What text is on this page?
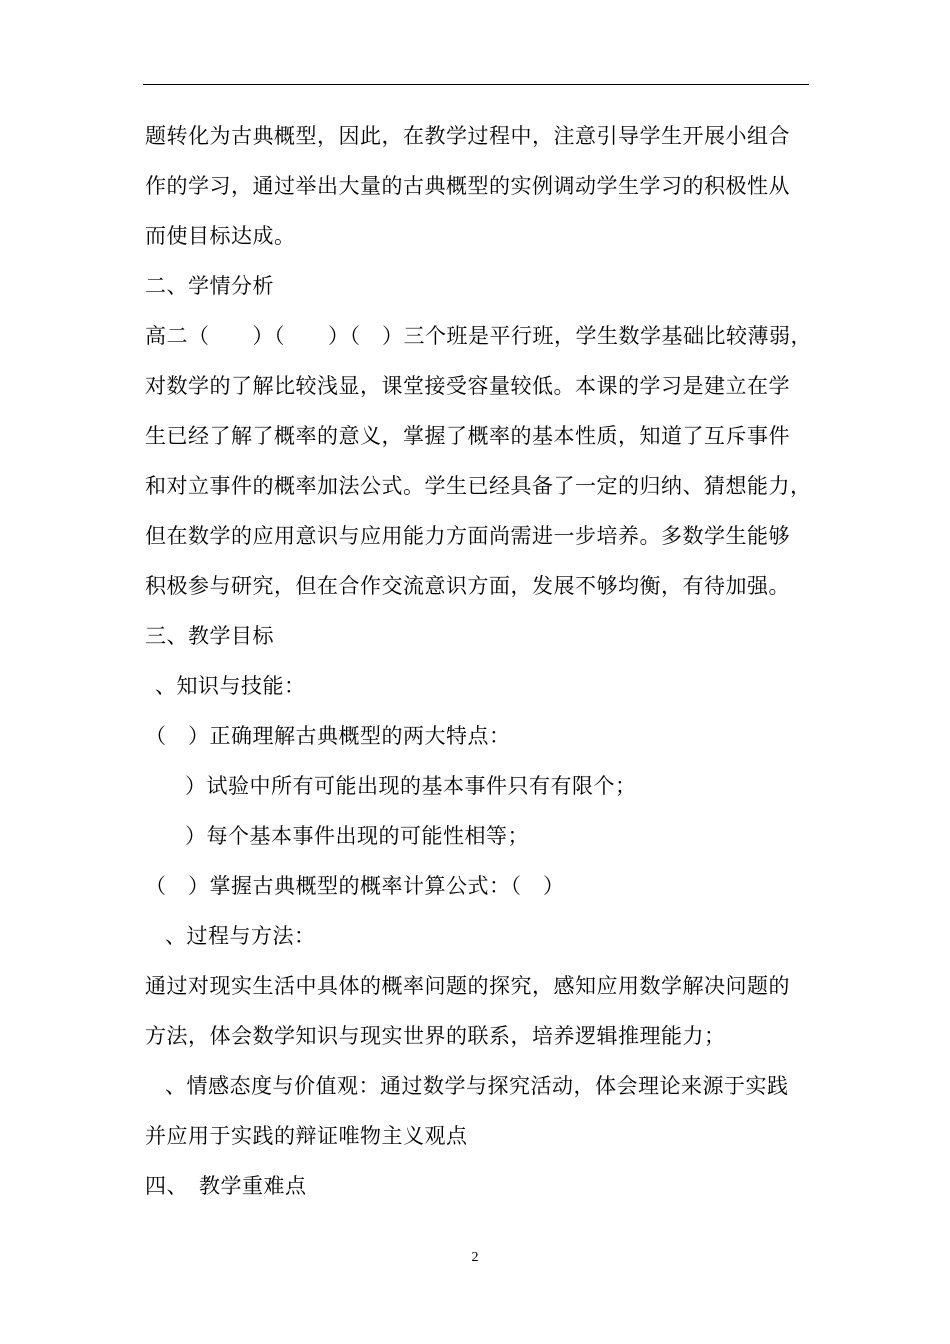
题转化为古典概型，因此，在教学过程中，注意引导学生开展小组合
作的学习，通过举出大量的古典概型的实例调动学生学习的积极性从
而使目标达成。
二、学情分析
高二（　　）（　　）（　）三个班是平行班，学生数学基础比较薄弱，
对数学的了解比较浅显，课堂接受容量较低。本课的学习是建立在学
生已经了解了概率的意义，掌握了概率的基本性质，知道了互斥事件
和对立事件的概率加法公式。学生已经具备了一定的归纳、猜想能力，
但在数学的应用意识与应用能力方面尚需进一步培养。多数学生能够
积极参与研究，但在合作交流意识方面，发展不够均衡，有待加强。
三、教学目标
、知识与技能：
（　）正确理解古典概型的两大特点：
）试验中所有可能出现的基本事件只有有限个；
）每个基本事件出现的可能性相等；
（　）掌握古典概型的概率计算公式：（　）
、过程与方法：
通过对现实生活中具体的概率问题的探究，感知应用数学解决问题的
方法，体会数学知识与现实世界的联系，培养逻辑推理能力；
、情感态度与价值观：通过数学与探究活动，体会理论来源于实践
并应用于实践的辩证唯物主义观点
四、　教学重难点
2
